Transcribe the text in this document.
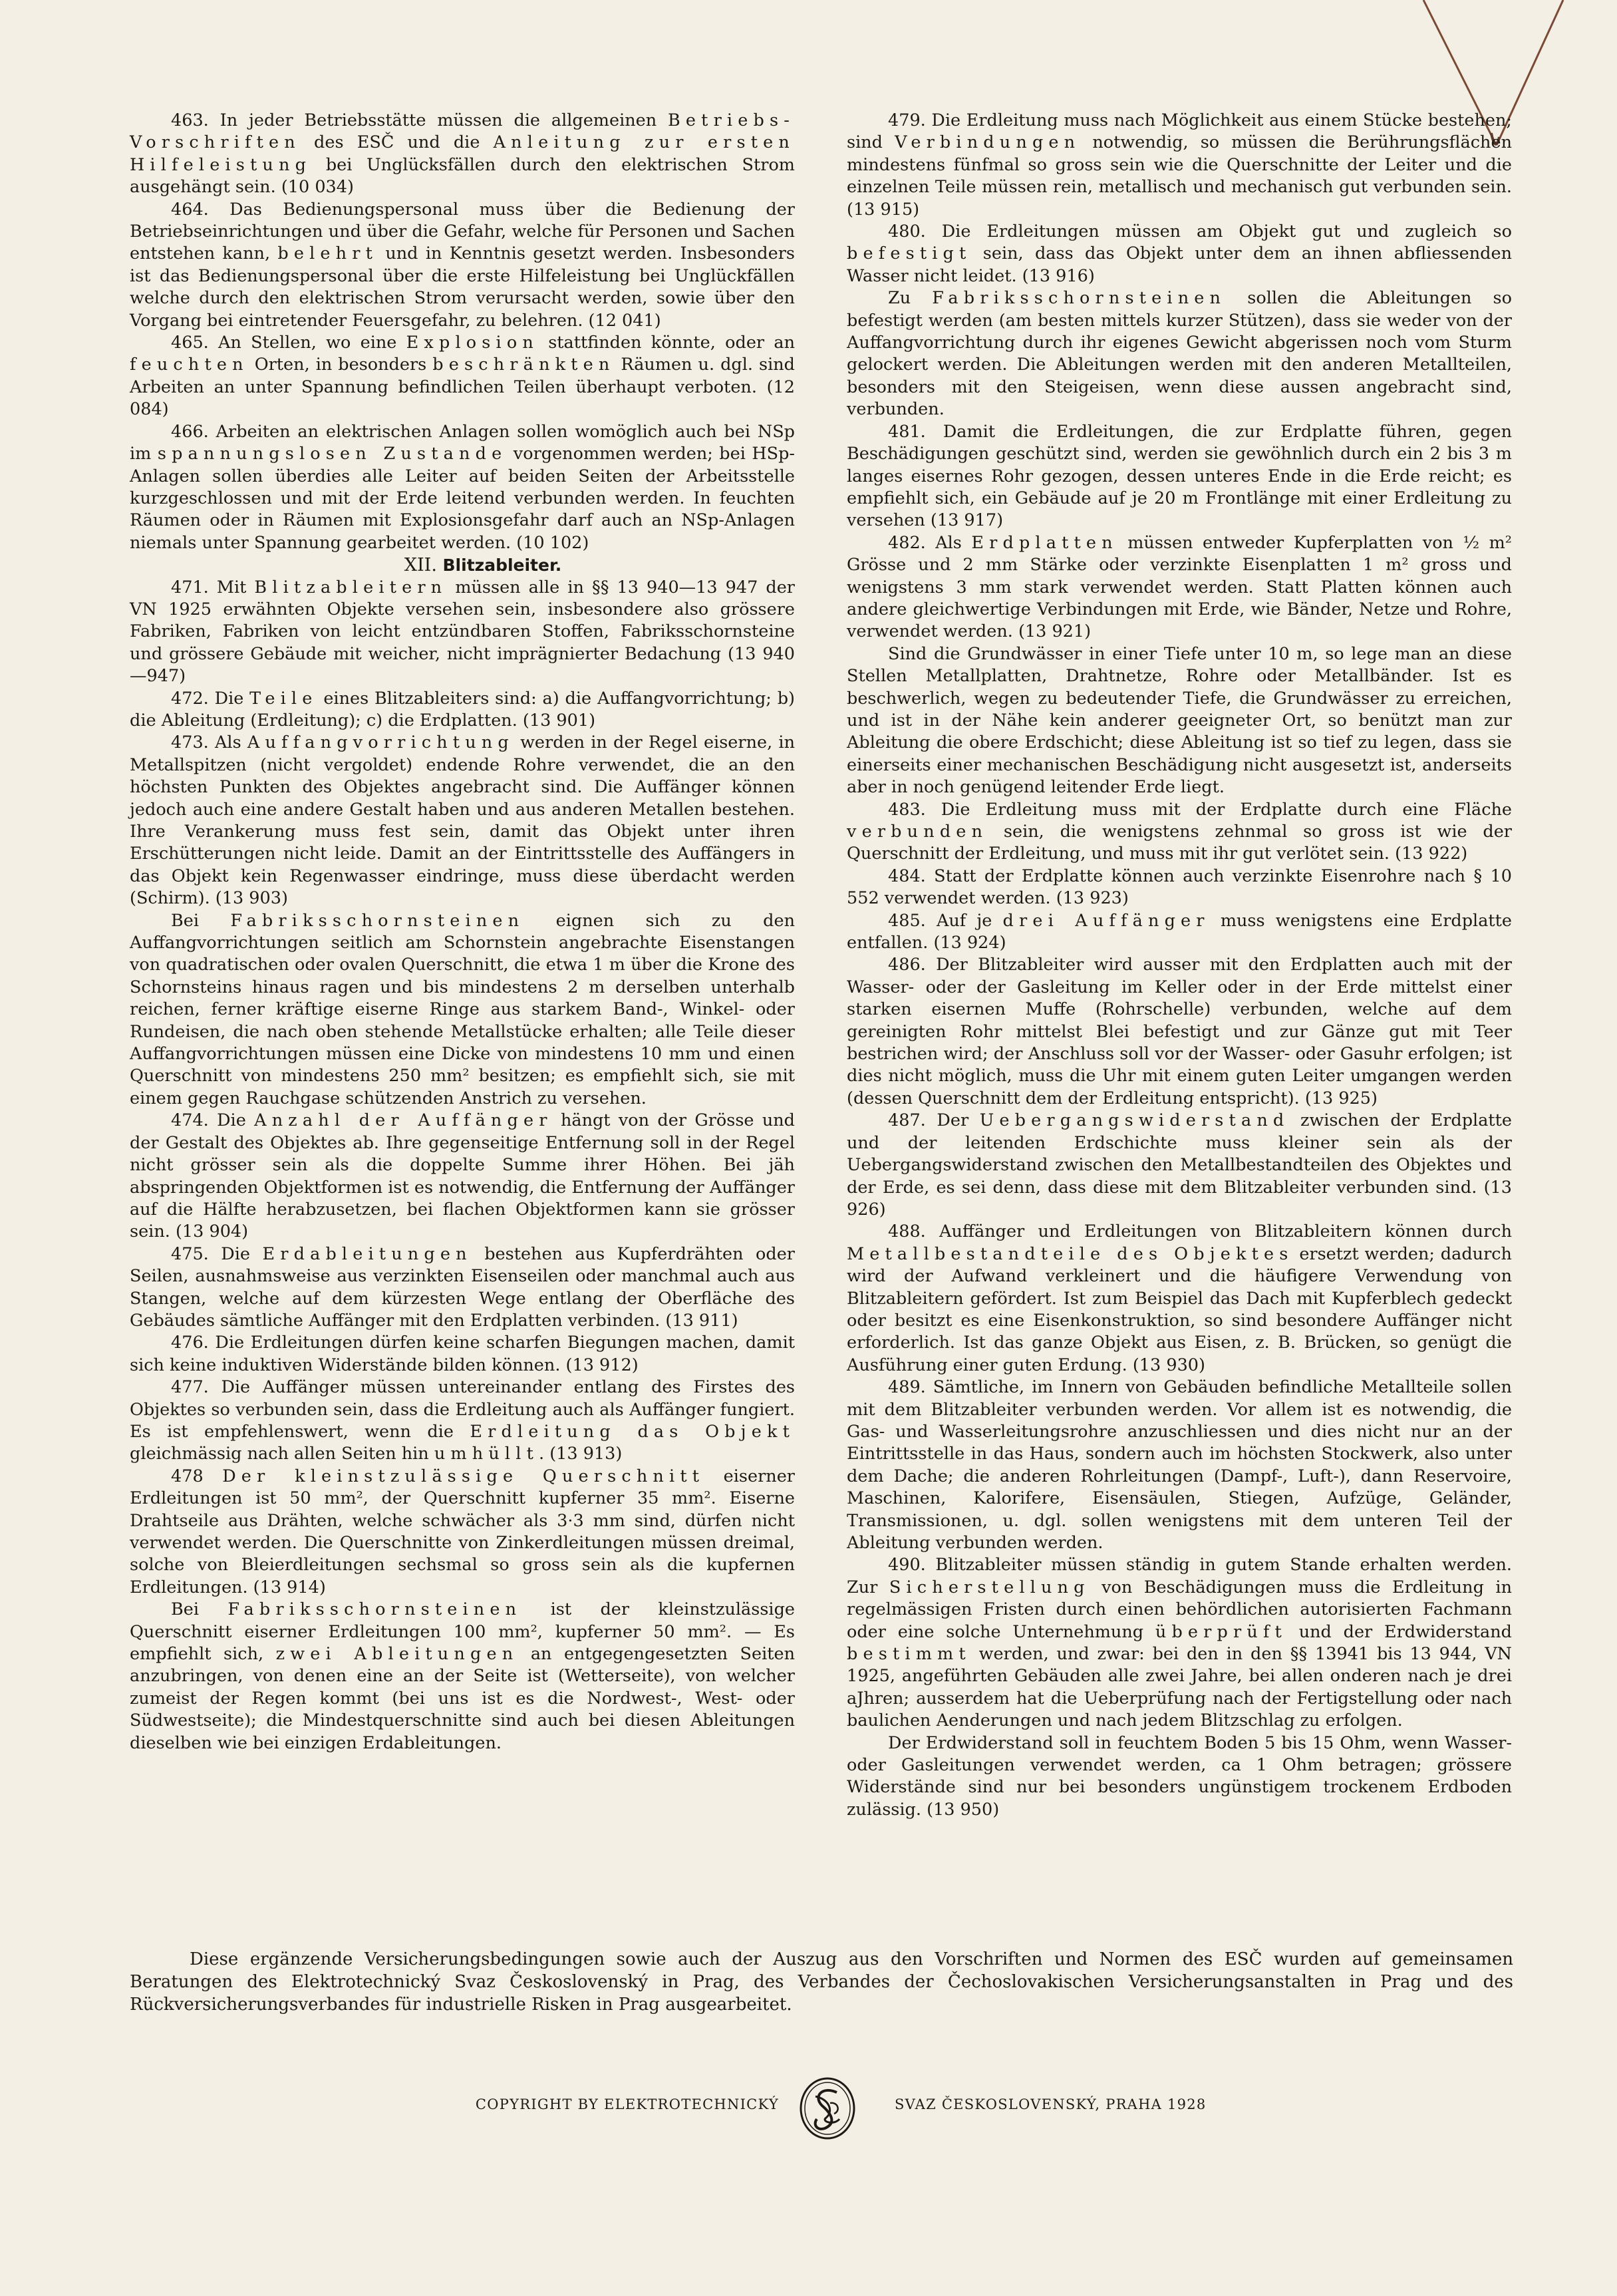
463. In jeder Betriebsstätte müssen die allgemeinen Betriebs-Vorschriften des ESČ und die Anleitung zur ersten Hilfeleistung bei Unglücksfällen durch den elektrischen Strom ausgehängt sein. (10 034)

464. Das Bedienungspersonal muss über die Bedienung der Betriebseinrichtungen und über die Gefahr, welche für Personen und Sachen entstehen kann, belehrt und in Kenntnis gesetzt werden. Insbesonders ist das Bedienungspersonal über die erste Hilfeleistung bei Unglückfällen welche durch den elektrischen Strom verursacht werden, sowie über den Vorgang bei eintretender Feuersgefahr, zu belehren. (12 041)

465. An Stellen, wo eine Explosion stattfinden könnte, oder an feuchten Orten, in besonders beschränkten Räumen u. dgl. sind Arbeiten an unter Spannung befindlichen Teilen überhaupt verboten. (12 084)

466. Arbeiten an elektrischen Anlagen sollen womöglich auch bei NSp im spannungslosen Zustande vorgenommen werden; bei HSp-Anlagen sollen überdies alle Leiter auf beiden Seiten der Arbeitsstelle kurzgeschlossen und mit der Erde leitend verbunden werden. In feuchten Räumen oder in Räumen mit Explosionsgefahr darf auch an NSp-Anlagen niemals unter Spannung gearbeitet werden. (10 102)

XII. Blitzableiter.

471. Mit Blitzableitern müssen alle in §§ 13 940—13 947 der VN 1925 erwähnten Objekte versehen sein, insbesondere also grössere Fabriken, Fabriken von leicht entzündbaren Stoffen, Fabriksschornsteine und grössere Gebäude mit weicher, nicht imprägnierter Bedachung (13 940—947)

472. Die Teile eines Blitzableiters sind: a) die Auffangvorrichtung; b) die Ableitung (Erdleitung); c) die Erdplatten. (13 901)

473. Als Auffangvorrichtung werden in der Regel eiserne, in Metallspitzen (nicht vergoldet) endende Rohre verwendet, die an den höchsten Punkten des Objektes angebracht sind. Die Auffänger können jedoch auch eine andere Gestalt haben und aus anderen Metallen bestehen. Ihre Verankerung muss fest sein, damit das Objekt unter ihren Erschütterungen nicht leide. Damit an der Eintrittsstelle des Auffängers in das Objekt kein Regenwasser eindringe, muss diese überdacht werden (Schirm). (13 903)

Bei Fabriksschornsteinen eignen sich zu den Auffangvorrichtungen seitlich am Schornstein angebrachte Eisenstangen von quadratischen oder ovalen Querschnitt, die etwa 1 m über die Krone des Schornsteins hinaus ragen und bis mindestens 2 m derselben unterhalb reichen, ferner kräftige eiserne Ringe aus starkem Band-, Winkel- oder Rundeisen, die nach oben stehende Metallstücke erhalten; alle Teile dieser Auffangvorrichtungen müssen eine Dicke von mindestens 10 mm und einen Querschnitt von mindestens 250 mm² besitzen; es empfiehlt sich, sie mit einem gegen Rauchgase schützenden Anstrich zu versehen.

474. Die Anzahl der Auffänger hängt von der Grösse und der Gestalt des Objektes ab. Ihre gegenseitige Entfernung soll in der Regel nicht grösser sein als die doppelte Summe ihrer Höhen. Bei jäh abspringenden Objektformen ist es notwendig, die Entfernung der Auffänger auf die Hälfte herabzusetzen, bei flachen Objektformen kann sie grösser sein. (13 904)

475. Die Erdableitungen bestehen aus Kupferdrähten oder Seilen, ausnahmsweise aus verzinkten Eisenseilen oder manchmal auch aus Stangen, welche auf dem kürzesten Wege entlang der Oberfläche des Gebäudes sämtliche Auffänger mit den Erdplatten verbinden. (13 911)

476. Die Erdleitungen dürfen keine scharfen Biegungen machen, damit sich keine induktiven Widerstände bilden können. (13 912)

477. Die Auffänger müssen untereinander entlang des Firstes des Objektes so verbunden sein, dass die Erdleitung auch als Auffänger fungiert. Es ist empfehlenswert, wenn die Erdleitung das Objekt gleichmässig nach allen Seiten hin umhüllt. (13 913)

478 Der kleinstzulässige Querschnitt eiserner Erdleitungen ist 50 mm², der Querschnitt kupferner 35 mm². Eiserne Drahtseile aus Drähten, welche schwächer als 3·3 mm sind, dürfen nicht verwendet werden. Die Querschnitte von Zinkerdleitungen müssen dreimal, solche von Bleierdleitungen sechsmal so gross sein als die kupfernen Erdleitungen. (13 914)

Bei Fabriksschornsteinen ist der kleinstzulässige Querschnitt eiserner Erdleitungen 100 mm², kupferner 50 mm². — Es empfiehlt sich, zwei Ableitungen an entgegengesetzten Seiten anzubringen, von denen eine an der Seite ist (Wetterseite), von welcher zumeist der Regen kommt (bei uns ist es die Nordwest-, West- oder Südwestseite); die Mindestquerschnitte sind auch bei diesen Ableitungen dieselben wie bei einzigen Erdableitungen.

479. Die Erdleitung muss nach Möglichkeit aus einem Stücke bestehen; sind Verbindungen notwendig, so müssen die Berührungsflächen mindestens fünfmal so gross sein wie die Querschnitte der Leiter und die einzelnen Teile müssen rein, metallisch und mechanisch gut verbunden sein. (13 915)

480. Die Erdleitungen müssen am Objekt gut und zugleich so befestigt sein, dass das Objekt unter dem an ihnen abfliessenden Wasser nicht leidet. (13 916)

Zu Fabriksschornsteinen sollen die Ableitungen so befestigt werden (am besten mittels kurzer Stützen), dass sie weder von der Auffangvorrichtung durch ihr eigenes Gewicht abgerissen noch vom Sturm gelockert werden. Die Ableitungen werden mit den anderen Metallteilen, besonders mit den Steigeisen, wenn diese aussen angebracht sind, verbunden.

481. Damit die Erdleitungen, die zur Erdplatte führen, gegen Beschädigungen geschützt sind, werden sie gewöhnlich durch ein 2 bis 3 m langes eisernes Rohr gezogen, dessen unteres Ende in die Erde reicht; es empfiehlt sich, ein Gebäude auf je 20 m Frontlänge mit einer Erdleitung zu versehen (13 917)

482. Als Erdplatten müssen entweder Kupferplatten von ½ m² Grösse und 2 mm Stärke oder verzinkte Eisenplatten 1 m² gross und wenigstens 3 mm stark verwendet werden. Statt Platten können auch andere gleichwertige Verbindungen mit Erde, wie Bänder, Netze und Rohre, verwendet werden. (13 921)

Sind die Grundwässer in einer Tiefe unter 10 m, so lege man an diese Stellen Metallplatten, Drahtnetze, Rohre oder Metallbänder. Ist es beschwerlich, wegen zu bedeutender Tiefe, die Grundwässer zu erreichen, und ist in der Nähe kein anderer geeigneter Ort, so benützt man zur Ableitung die obere Erdschicht; diese Ableitung ist so tief zu legen, dass sie einerseits einer mechanischen Beschädigung nicht ausgesetzt ist, anderseits aber in noch genügend leitender Erde liegt.

483. Die Erdleitung muss mit der Erdplatte durch eine Fläche verbunden sein, die wenigstens zehnmal so gross ist wie der Querschnitt der Erdleitung, und muss mit ihr gut verlötet sein. (13 922)

484. Statt der Erdplatte können auch verzinkte Eisenrohre nach § 10 552 verwendet werden. (13 923)

485. Auf je drei Auffänger muss wenigstens eine Erdplatte entfallen. (13 924)

486. Der Blitzableiter wird ausser mit den Erdplatten auch mit der Wasser- oder der Gasleitung im Keller oder in der Erde mittelst einer starken eisernen Muffe (Rohrschelle) verbunden, welche auf dem gereinigten Rohr mittelst Blei befestigt und zur Gänze gut mit Teer bestrichen wird; der Anschluss soll vor der Wasser- oder Gasuhr erfolgen; ist dies nicht möglich, muss die Uhr mit einem guten Leiter umgangen werden (dessen Querschnitt dem der Erdleitung entspricht). (13 925)

487. Der Uebergangswiderstand zwischen der Erdplatte und der leitenden Erdschichte muss kleiner sein als der Uebergangswiderstand zwischen den Metallbestandteilen des Objektes und der Erde, es sei denn, dass diese mit dem Blitzableiter verbunden sind. (13 926)

488. Auffänger und Erdleitungen von Blitzableitern können durch Metallbestandteile des Objektes ersetzt werden; dadurch wird der Aufwand verkleinert und die häufigere Verwendung von Blitzableitern gefördert. Ist zum Beispiel das Dach mit Kupferblech gedeckt oder besitzt es eine Eisenkonstruktion, so sind besondere Auffänger nicht erforderlich. Ist das ganze Objekt aus Eisen, z. B. Brücken, so genügt die Ausführung einer guten Erdung. (13 930)

489. Sämtliche, im Innern von Gebäuden befindliche Metallteile sollen mit dem Blitzableiter verbunden werden. Vor allem ist es notwendig, die Gas- und Wasserleitungsrohre anzuschliessen und dies nicht nur an der Eintrittsstelle in das Haus, sondern auch im höchsten Stockwerk, also unter dem Dache; die anderen Rohrleitungen (Dampf-, Luft-), dann Reservoire, Maschinen, Kalorifere, Eisensäulen, Stiegen, Aufzüge, Geländer, Transmissionen, u. dgl. sollen wenigstens mit dem unteren Teil der Ableitung verbunden werden.

490. Blitzableiter müssen ständig in gutem Stande erhalten werden. Zur Sicherstellung von Beschädigungen muss die Erdleitung in regelmässigen Fristen durch einen behördlichen autorisierten Fachmann oder eine solche Unternehmung überprüft und der Erdwiderstand bestimmt werden, und zwar: bei den in den §§ 13941 bis 13 944, VN 1925, angeführten Gebäuden alle zwei Jahre, bei allen onderen nach je drei aJhren; ausserdem hat die Ueberprüfung nach der Fertigstellung oder nach baulichen Aenderungen und nach jedem Blitzschlag zu erfolgen.

Der Erdwiderstand soll in feuchtem Boden 5 bis 15 Ohm, wenn Wasser- oder Gasleitungen verwendet werden, ca 1 Ohm betragen; grössere Widerstände sind nur bei besonders ungünstigem trockenem Erdboden zulässig. (13 950)

Diese ergänzende Versicherungsbedingungen sowie auch der Auszug aus den Vorschriften und Normen des ESČ wurden auf gemeinsamen Beratungen des Elektrotechnický Svaz Československý in Prag, des Verbandes der Čechoslovakischen Versicherungsanstalten in Prag und des Rückversicherungsverbandes für industrielle Risken in Prag ausgearbeitet.

COPYRIGHT BY ELEKTROTECHNICKÝ	SVAZ ČESKOSLOVENSKÝ, PRAHA 1928
